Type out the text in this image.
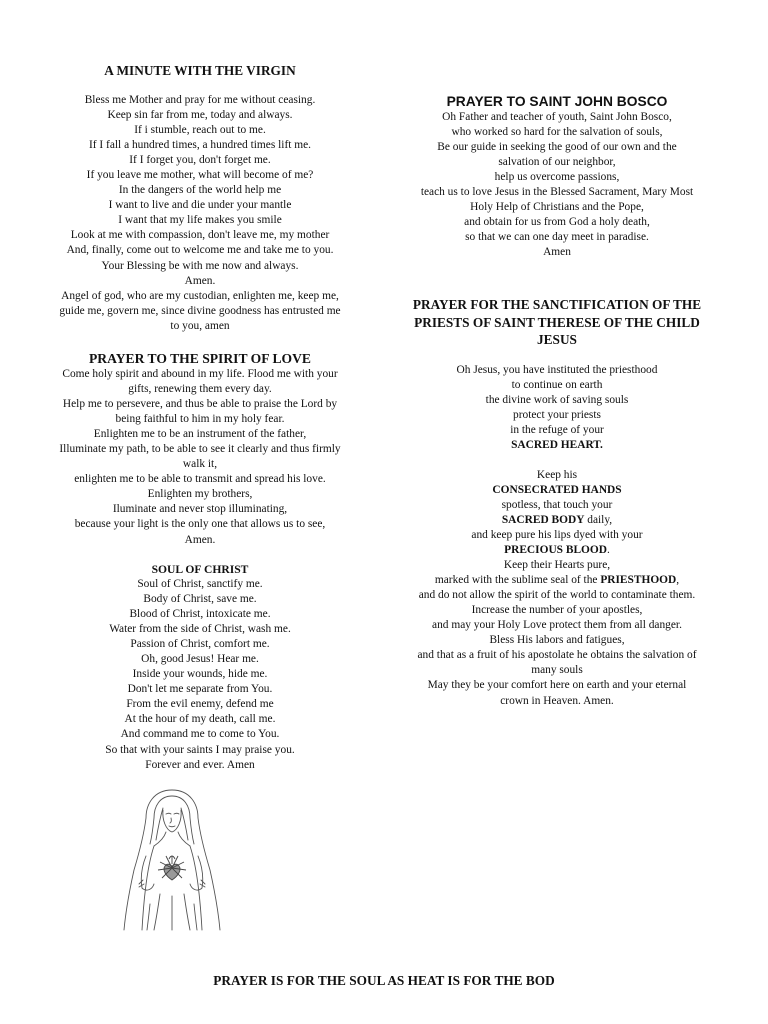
A MINUTE WITH THE VIRGIN
Bless me Mother and pray for me without ceasing.
Keep sin far from me, today and always.
If i stumble, reach out to me.
If I fall a hundred times, a hundred times lift me.
If I forget you, don't forget me.
If you leave me mother, what will become of me?
In the dangers of the world help me
I want to live and die under your mantle
I want that my life makes you smile
Look at me with compassion, don't leave me, my mother
And, finally, come out to welcome me and take me to you.
Your Blessing be with me now and always.
Amen.
Angel of god, who are my custodian, enlighten me, keep me,
guide me, govern me, since divine goodness has entrusted me
to you, amen
PRAYER TO THE SPIRIT OF LOVE
Come holy spirit and abound in my life. Flood me with your
gifts, renewing them every day.
Help me to persevere, and thus be able to praise the Lord by
being faithful to him in my holy fear.
Enlighten me to be an instrument of the father,
Illuminate my path, to be able to see it clearly and thus firmly
walk it,
enlighten me to be able to transmit and spread his love.
Enlighten my brothers,
Iluminate and never stop illuminating,
because your light is the only one that allows us to see,
Amen.
SOUL OF CHRIST
Soul of Christ, sanctify me.
Body of Christ, save me.
Blood of Christ, intoxicate me.
Water from the side of Christ, wash me.
Passion of Christ, comfort me.
Oh, good Jesus! Hear me.
Inside your wounds, hide me.
Don't let me separate from You.
From the evil enemy, defend me
At the hour of my death, call me.
And command me to come to You.
So that with your saints I may praise you.
Forever and ever. Amen
PRAYER TO SAINT JOHN BOSCO
Oh Father and teacher of youth, Saint John Bosco,
who worked so hard for the salvation of souls,
Be our guide in seeking the good of our own and the
salvation of our neighbor,
help us overcome passions,
teach us to love Jesus in the Blessed Sacrament, Mary Most
Holy Help of Christians and the Pope,
and obtain for us from God a holy death,
so that we can one day meet in paradise.
Amen
PRAYER FOR THE SANCTIFICATION OF THE PRIESTS OF SAINT THERESE OF THE CHILD JESUS
Oh Jesus, you have instituted the priesthood
to continue on earth
the divine work of saving souls
protect your priests
in the refuge of your
SACRED HEART.

Keep his
CONSECRATED HANDS
spotless, that touch your
SACRED BODY daily,
and keep pure his lips dyed with your
PRECIOUS BLOOD.
Keep their Hearts pure,
marked with the sublime seal of the PRIESTHOOD,
and do not allow the spirit of the world to contaminate them.
Increase the number of your apostles,
and may your Holy Love protect them from all danger.
Bless His labors and fatigues,
and that as a fruit of his apostolate he obtains the salvation of
many souls
May they be your comfort here on earth and your eternal
crown in Heaven. Amen.
PRAYER IS FOR THE SOUL AS HEAT IS FOR THE BOD
